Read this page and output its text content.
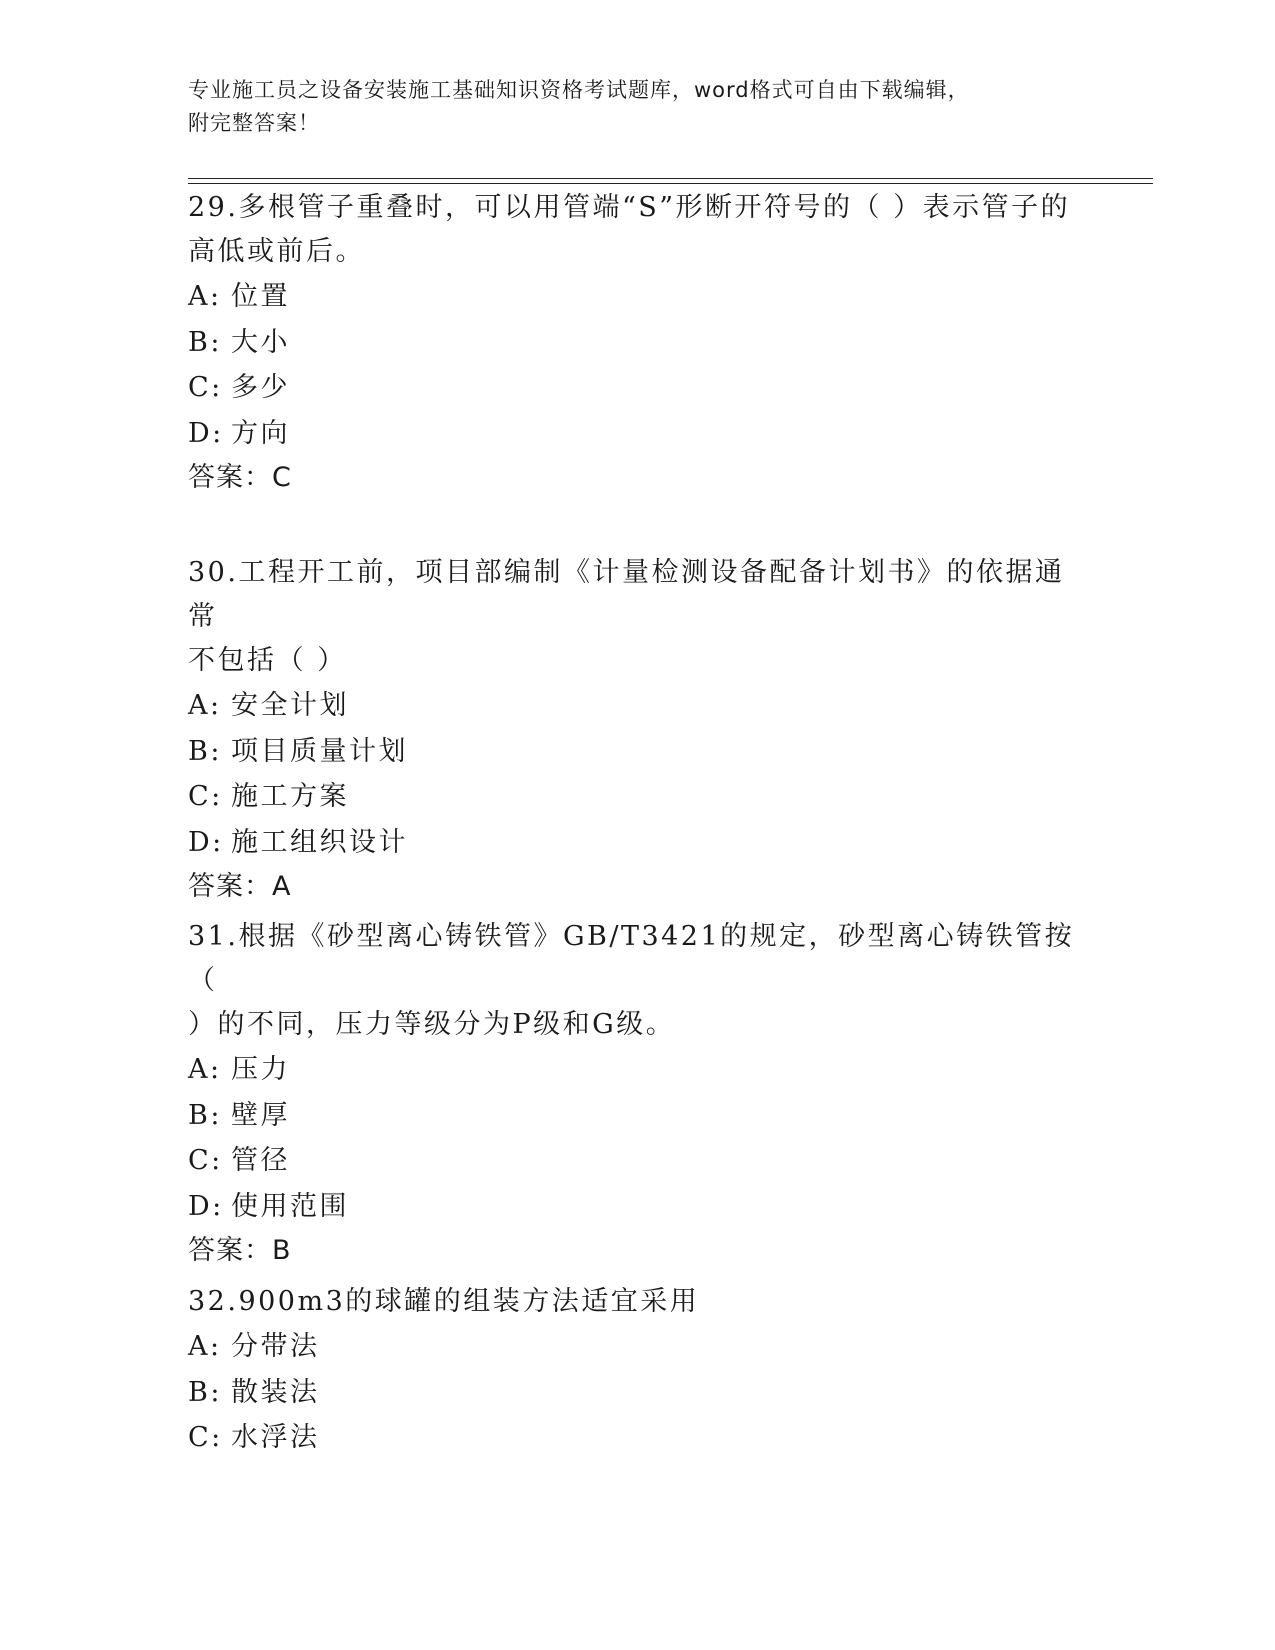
专业施工员之设备安装施工基础知识资格考试题库，word格式可自由下载编辑，
附完整答案！

29.多根管子重叠时，可以用管端“S”形断开符号的（ ）表示管子的
高低或前后。

A: 位置

B: 大小

C: 多少

D: 方向

答案：C

30.工程开工前，项目部编制《计量检测设备配备计划书》的依据通常
不包括（ ）

A: 安全计划

B: 项目质量计划

C: 施工方案

D: 施工组织设计

答案：A

31.根据《砂型离心铸铁管》GB/T3421的规定，砂型离心铸铁管按（
）的不同，压力等级分为P级和G级。

A: 压力

B: 壁厚

C: 管径

D: 使用范围

答案：B

32.900m3的球罐的组装方法适宜采用

A: 分带法

B: 散装法

C: 水浮法
